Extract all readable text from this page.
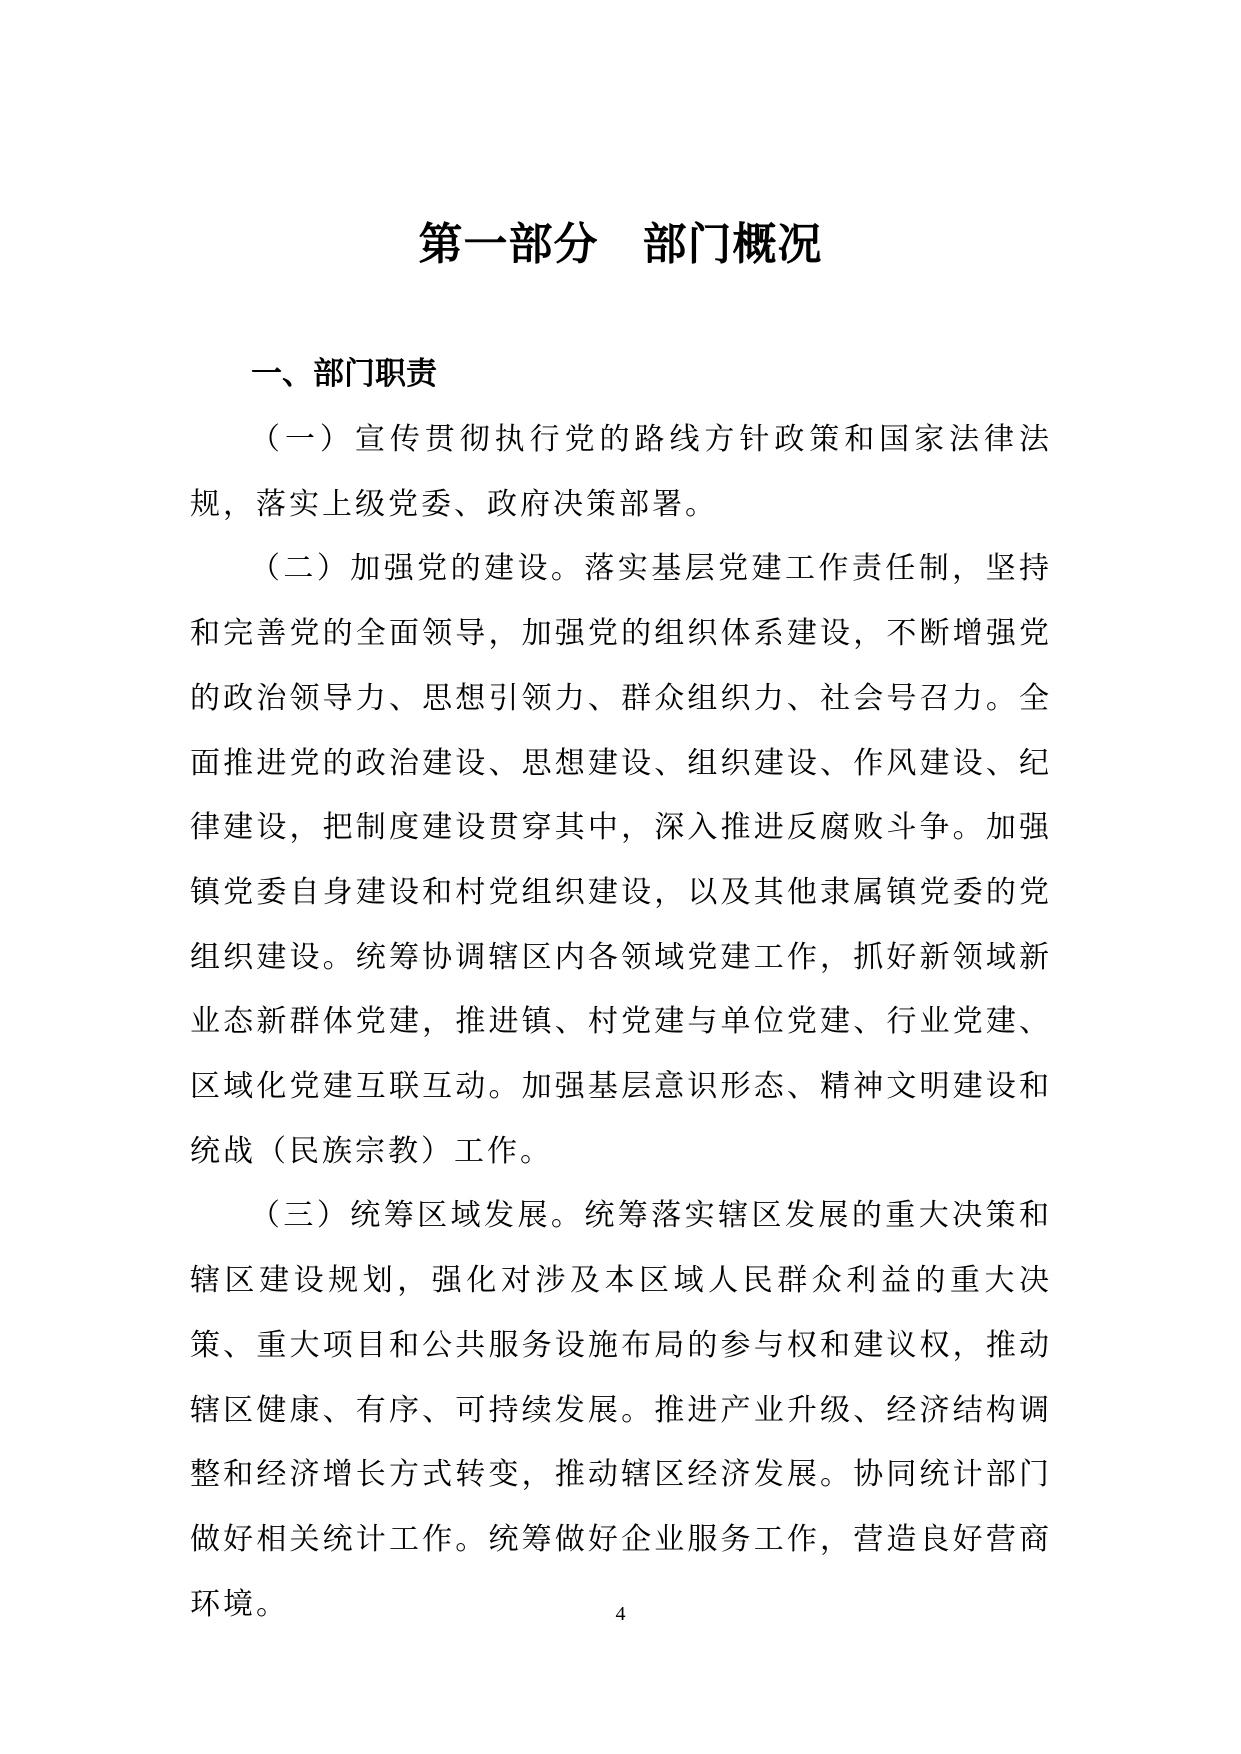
第一部分 部门概况
一、部门职责

（一）宣传贯彻执行党的路线方针政策和国家法律法规，落实上级党委、政府决策部署。

（二）加强党的建设。落实基层党建工作责任制，坚持和完善党的全面领导，加强党的组织体系建设，不断增强党的政治领导力、思想引领力、群众组织力、社会号召力。全面推进党的政治建设、思想建设、组织建设、作风建设、纪律建设，把制度建设贯穿其中，深入推进反腐败斗争。加强镇党委自身建设和村党组织建设，以及其他隶属镇党委的党组织建设。统筹协调辖区内各领域党建工作，抓好新领域新业态新群体党建，推进镇、村党建与单位党建、行业党建、区域化党建互联互动。加强基层意识形态、精神文明建设和统战（民族宗教）工作。

（三）统筹区域发展。统筹落实辖区发展的重大决策和辖区建设规划，强化对涉及本区域人民群众利益的重大决策、重大项目和公共服务设施布局的参与权和建议权，推动辖区健康、有序、可持续发展。推进产业升级、经济结构调整和经济增长方式转变，推动辖区经济发展。协同统计部门做好相关统计工作。统筹做好企业服务工作，营造良好营商环境。	4
